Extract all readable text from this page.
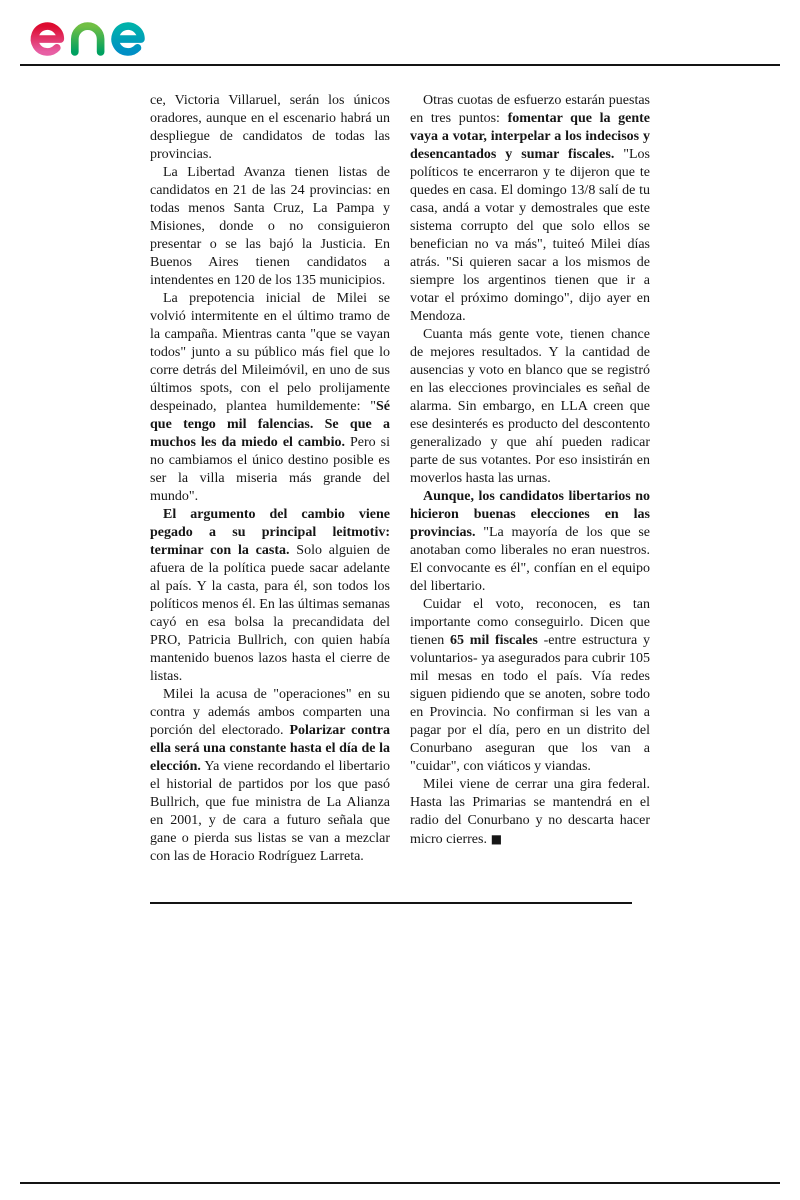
ce, Victoria Villaruel, serán los únicos oradores, aunque en el escenario habrá un despliegue de candidatos de todas las provincias.

La Libertad Avanza tienen listas de candidatos en 21 de las 24 provincias: en todas menos Santa Cruz, La Pampa y Misiones, donde o no consiguieron presentar o se las bajó la Justicia. En Buenos Aires tienen candidatos a intendentes en 120 de los 135 municipios.

La prepotencia inicial de Milei se volvió intermitente en el último tramo de la campaña. Mientras canta "que se vayan todos" junto a su público más fiel que lo corre detrás del Mileimóvil, en uno de sus últimos spots, con el pelo prolijamente despeinado, plantea humildemente: "Sé que tengo mil falencias. Se que a muchos les da miedo el cambio. Pero si no cambiamos el único destino posible es ser la villa miseria más grande del mundo".

El argumento del cambio viene pegado a su principal leitmotiv: terminar con la casta. Solo alguien de afuera de la política puede sacar adelante al país. Y la casta, para él, son todos los políticos menos él. En las últimas semanas cayó en esa bolsa la precandidata del PRO, Patricia Bullrich, con quien había mantenido buenos lazos hasta el cierre de listas.

Milei la acusa de "operaciones" en su contra y además ambos comparten una porción del electorado. Polarizar contra ella será una constante hasta el día de la elección. Ya viene recordando el libertario el historial de partidos por los que pasó Bullrich, que fue ministra de La Alianza en 2001, y de cara a futuro señala que gane o pierda sus listas se van a mezclar con las de Horacio Rodríguez Larreta.

Otras cuotas de esfuerzo estarán puestas en tres puntos: fomentar que la gente vaya a votar, interpelar a los indecisos y desencantados y sumar fiscales. "Los políticos te encerraron y te dijeron que te quedes en casa. El domingo 13/8 salí de tu casa, andá a votar y demostrales que este sistema corrupto del que solo ellos se benefician no va más", tuiteó Milei días atrás. "Si quieren sacar a los mismos de siempre los argentinos tienen que ir a votar el próximo domingo", dijo ayer en Mendoza.

Cuanta más gente vote, tienen chance de mejores resultados. Y la cantidad de ausencias y voto en blanco que se registró en las elecciones provinciales es señal de alarma. Sin embargo, en LLA creen que ese desinterés es producto del descontento generalizado y que ahí pueden radicar parte de sus votantes. Por eso insistirán en moverlos hasta las urnas.

Aunque, los candidatos libertarios no hicieron buenas elecciones en las provincias. "La mayoría de los que se anotaban como liberales no eran nuestros. El convocante es él", confían en el equipo del libertario.

Cuidar el voto, reconocen, es tan importante como conseguirlo. Dicen que tienen 65 mil fiscales -entre estructura y voluntarios- ya asegurados para cubrir 105 mil mesas en todo el país. Vía redes siguen pidiendo que se anoten, sobre todo en Provincia. No confirman si les van a pagar por el día, pero en un distrito del Conurbano aseguran que los van a "cuidar", con viáticos y viandas.

Milei viene de cerrar una gira federal. Hasta las Primarias se mantendrá en el radio del Conurbano y no descarta hacer micro cierres. ■
